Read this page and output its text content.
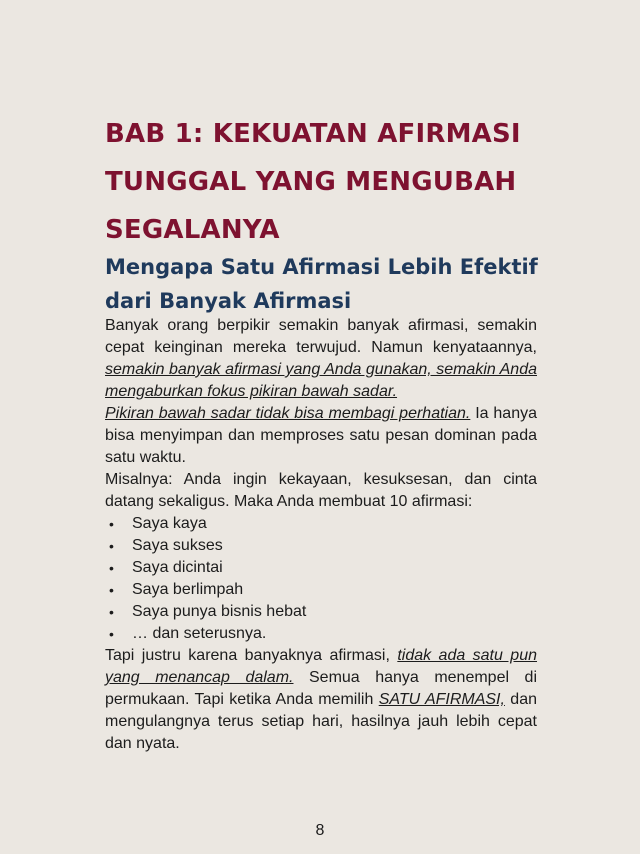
BAB 1: KEKUATAN AFIRMASI TUNGGAL YANG MENGUBAH SEGALANYA
Mengapa Satu Afirmasi Lebih Efektif dari Banyak Afirmasi

Banyak orang berpikir semakin banyak afirmasi, semakin cepat keinginan mereka terwujud. Namun kenyataannya, semakin banyak afirmasi yang Anda gunakan, semakin Anda mengaburkan fokus pikiran bawah sadar.

Pikiran bawah sadar tidak bisa membagi perhatian. Ia hanya bisa menyimpan dan memproses satu pesan dominan pada satu waktu.

Misalnya: Anda ingin kekayaan, kesuksesan, dan cinta datang sekaligus. Maka Anda membuat 10 afirmasi:

• Saya kaya
• Saya sukses
• Saya dicintai
• Saya berlimpah
• Saya punya bisnis hebat
• … dan seterusnya.

Tapi justru karena banyaknya afirmasi, tidak ada satu pun yang menancap dalam. Semua hanya menempel di permukaan. Tapi ketika Anda memilih SATU AFIRMASI, dan mengulangnya terus setiap hari, hasilnya jauh lebih cepat dan nyata.

8
